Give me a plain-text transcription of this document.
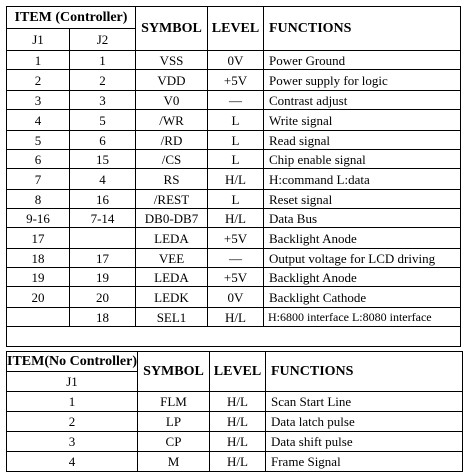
ITEM (Controller)		SYMBOL	LEVEL	FUNCTIONS
J1	J2			
1	1	VSS	0V	Power Ground
2	2	VDD	+5V	Power supply for logic
3	3	V0	—	Contrast adjust
4	5	/WR	L	Write signal
5	6	/RD	L	Read signal
6	15	/CS	L	Chip enable signal
7	4	RS	H/L	H:command L:data
8	16	/REST	L	Reset signal
9-16	7-14	DB0-DB7	H/L	Data Bus
17		LEDA	+5V	Backlight Anode
18	17	VEE	—	Output voltage for LCD driving
19	19	LEDA	+5V	Backlight Anode
20	20	LEDK	0V	Backlight Cathode
	18	SEL1	H/L	H:6800 interface L:8080 interface

ITEM(No Controller)	SYMBOL	LEVEL	FUNCTIONS
J1			
1	FLM	H/L	Scan Start Line
2	LP	H/L	Data latch pulse
3	CP	H/L	Data shift pulse
4	M	H/L	Frame Signal
